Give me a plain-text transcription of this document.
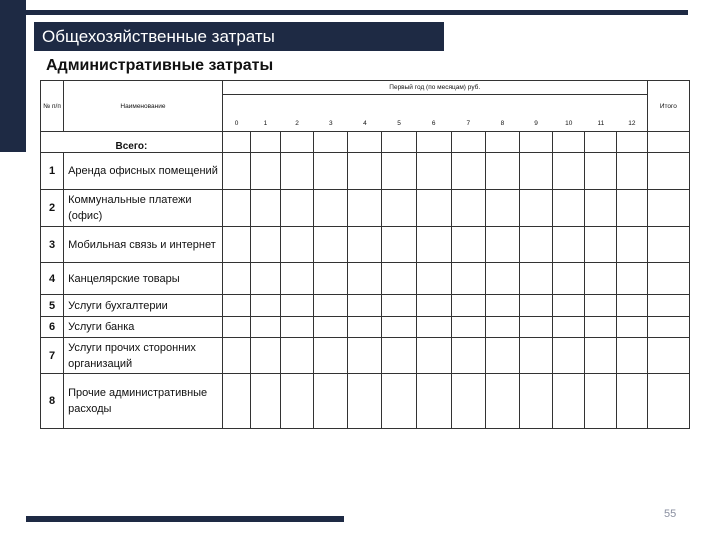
Общехозяйственные затраты
Административные затраты
№ п/п	Наименование	Первый год (по месяцам) руб.													Итого
		0	1	2	3	4	5	6	7	8	9	10	11	12	
Всего:															
1	Аренда офисных помещений														
2	Коммунальные платежи (офис)														
3	Мобильная связь и интернет														
4	Канцелярские товары														
5	Услуги бухгалтерии														
6	Услуги банка														
7	Услуги прочих сторонних организаций														
8	Прочие административные расходы														
55
